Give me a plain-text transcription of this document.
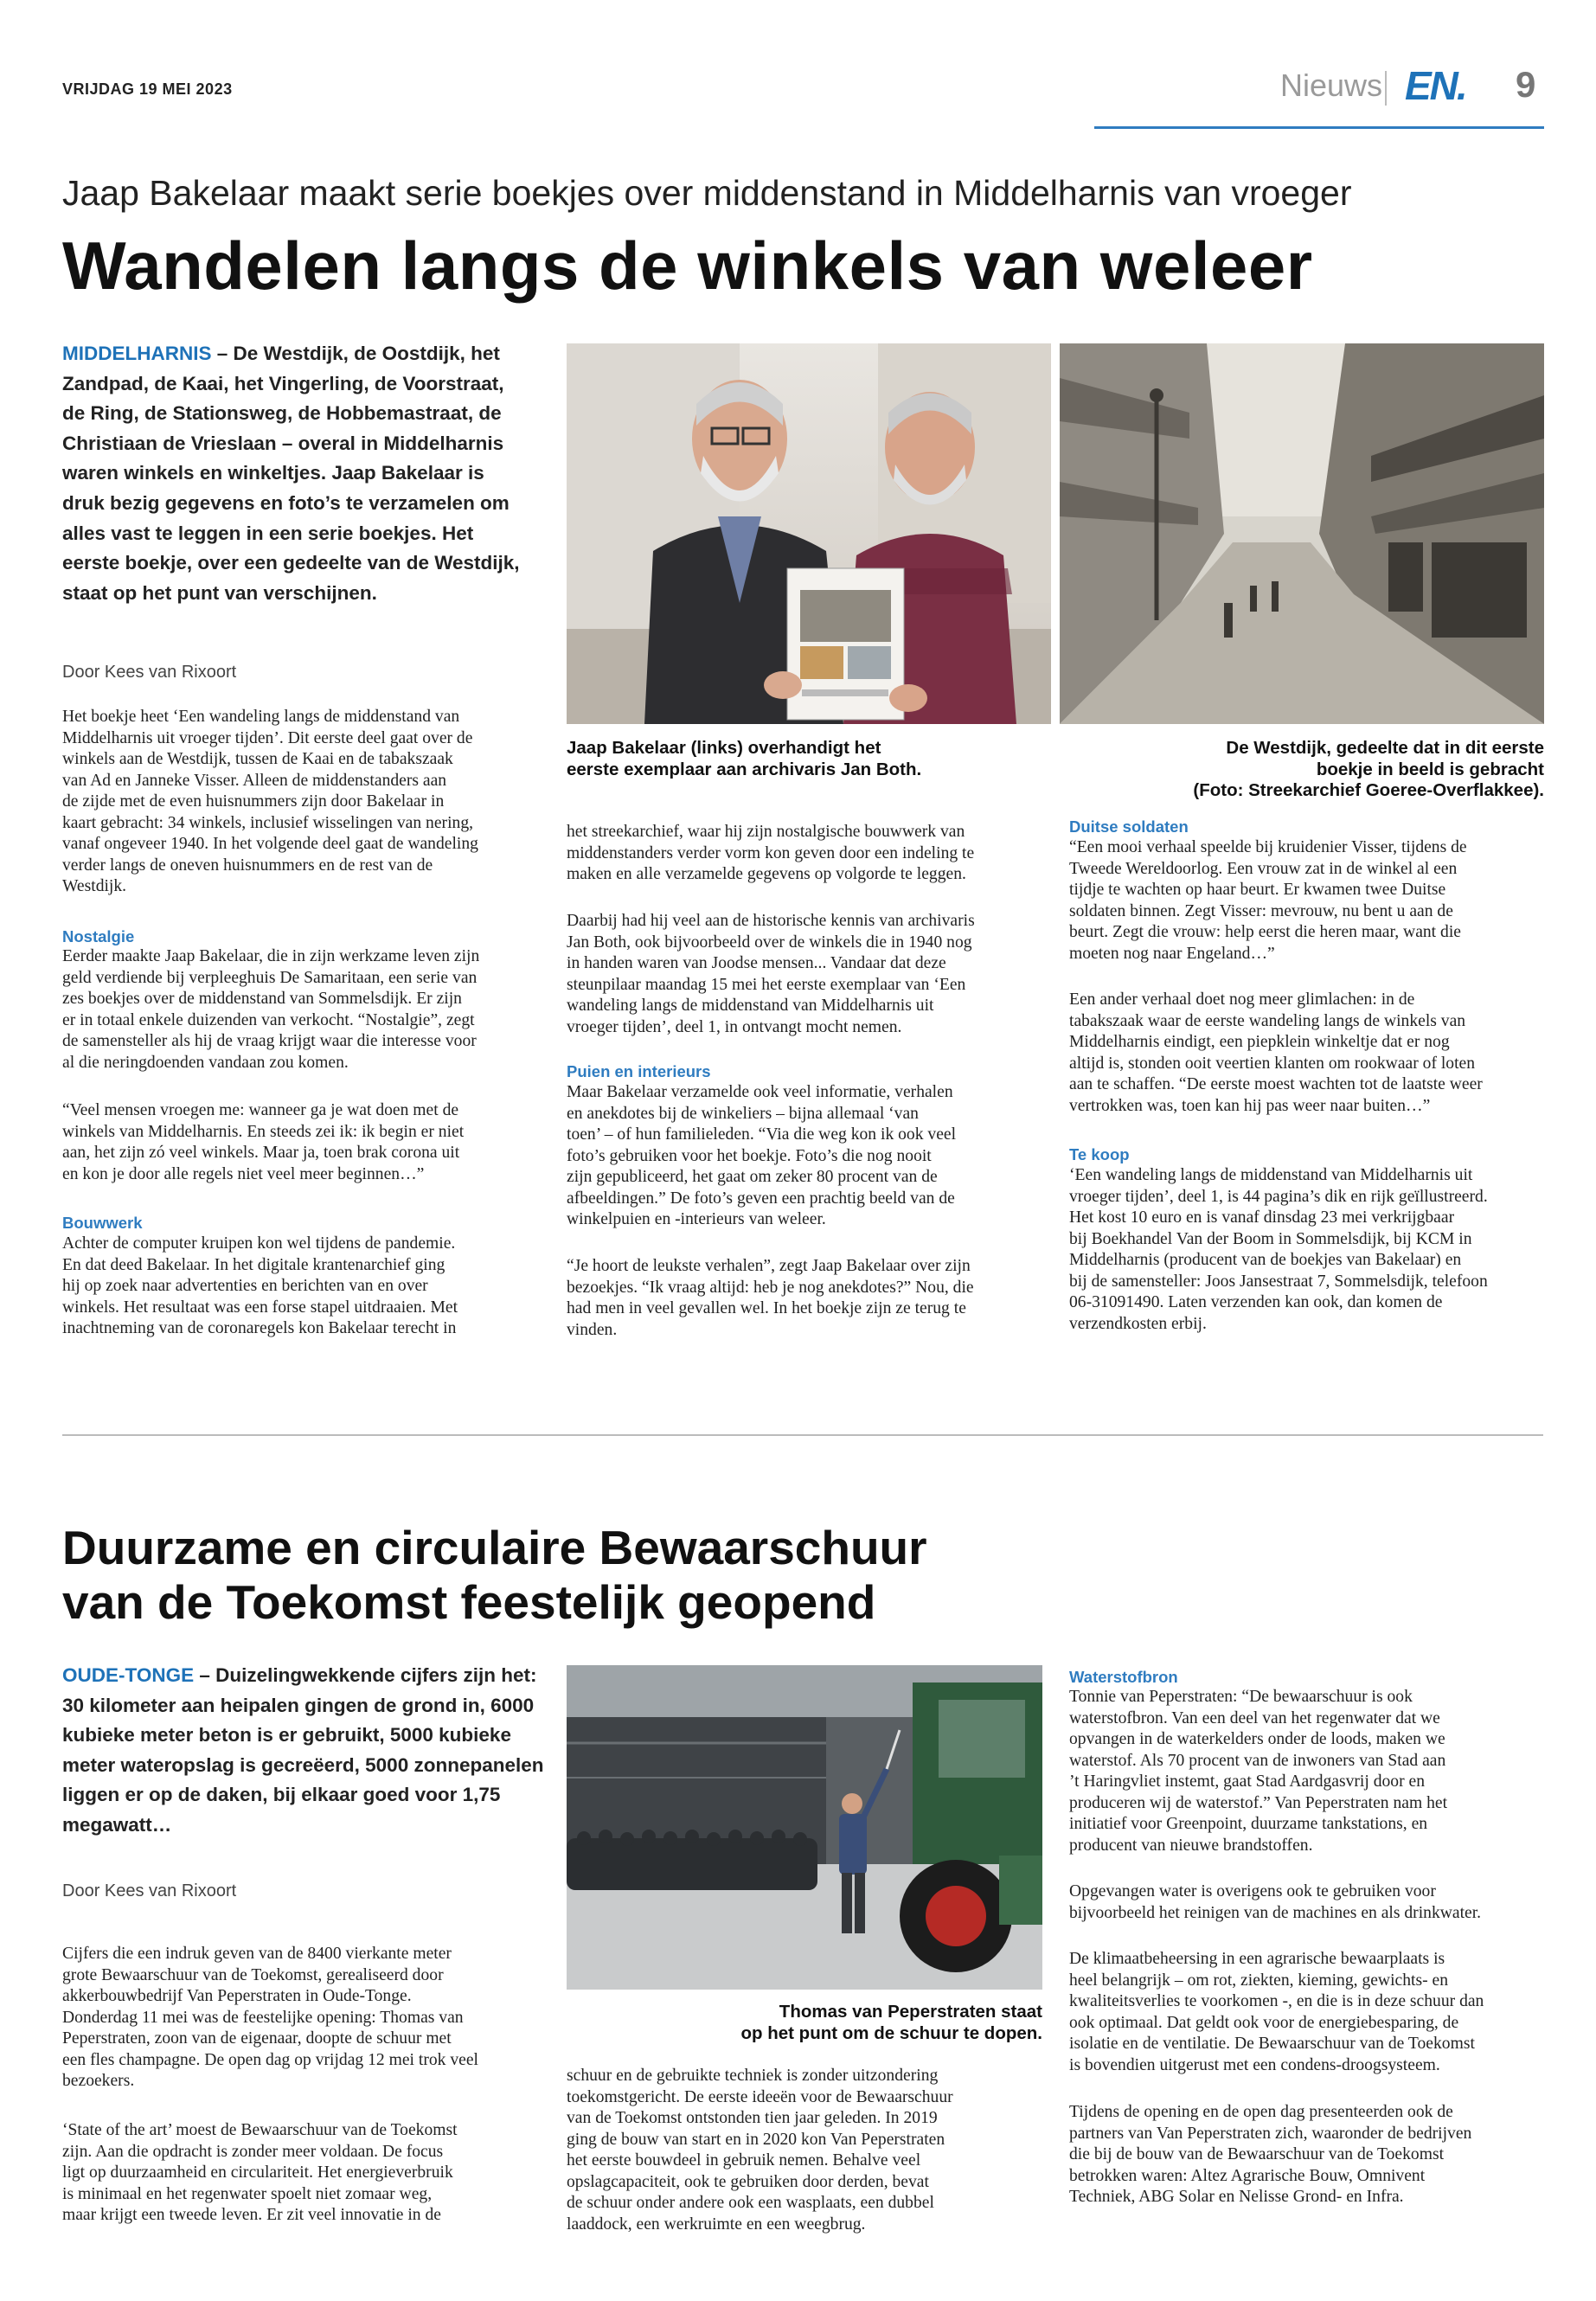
VRIJDAG 19 MEI 2023	Nieuws EN. 9
Jaap Bakelaar maakt serie boekjes over middenstand in Middelharnis van vroeger
Wandelen langs de winkels van weleer
MIDDELHARNIS – De Westdijk, de Oostdijk, het Zandpad, de Kaai, het Vingerling, de Voorstraat, de Ring, de Stationsweg, de Hobbemastraat, de Christiaan de Vrieslaan – overal in Middelharnis waren winkels en winkeltjes. Jaap Bakelaar is druk bezig gegevens en foto’s te verzamelen om alles vast te leggen in een serie boekjes. Het eerste boekje, over een gedeelte van de Westdijk, staat op het punt van verschijnen.
Door Kees van Rixoort
Het boekje heet ‘Een wandeling langs de middenstand van
Middelharnis uit vroeger tijden’. Dit eerste deel gaat over de
winkels aan de Westdijk, tussen de Kaai en de tabakszaak
van Ad en Janneke Visser. Alleen de middenstanders aan
de zijde met de even huisnummers zijn door Bakelaar in
kaart gebracht: 34 winkels, inclusief wisselingen van nering,
vanaf ongeveer 1940. In het volgende deel gaat de wandeling
verder langs de oneven huisnummers en de rest van de
Westdijk.
Nostalgie
Eerder maakte Jaap Bakelaar, die in zijn werkzame leven zijn
geld verdiende bij verpleeghuis De Samaritaan, een serie van
zes boekjes over de middenstand van Sommelsdijk. Er zijn
er in totaal enkele duizenden van verkocht. “Nostalgie”, zegt
de samensteller als hij de vraag krijgt waar die interesse voor
al die neringdoenden vandaan zou komen.
“Veel mensen vroegen me: wanneer ga je wat doen met de
winkels van Middelharnis. En steeds zei ik: ik begin er niet
aan, het zijn zó veel winkels. Maar ja, toen brak corona uit
en kon je door alle regels niet veel meer beginnen…”
Bouwwerk
Achter de computer kruipen kon wel tijdens de pandemie.
En dat deed Bakelaar. In het digitale krantenarchief ging
hij op zoek naar advertenties en berichten van en over
winkels. Het resultaat was een forse stapel uitdraaien. Met
inachtneming van de coronaregels kon Bakelaar terecht in
Jaap Bakelaar (links) overhandigt het
eerste exemplaar aan archivaris Jan Both.
De Westdijk, gedeelte dat in dit eerste
boekje in beeld is gebracht
(Foto: Streekarchief Goeree-Overflakkee).
het streekarchief, waar hij zijn nostalgische bouwwerk van
middenstanders verder vorm kon geven door een indeling te
maken en alle verzamelde gegevens op volgorde te leggen.
Daarbij had hij veel aan de historische kennis van archivaris
Jan Both, ook bijvoorbeeld over de winkels die in 1940 nog
in handen waren van Joodse mensen... Vandaar dat deze
steunpilaar maandag 15 mei het eerste exemplaar van ‘Een
wandeling langs de middenstand van Middelharnis uit
vroeger tijden’, deel 1, in ontvangt mocht nemen.
Puien en interieurs
Maar Bakelaar verzamelde ook veel informatie, verhalen
en anekdotes bij de winkeliers – bijna allemaal ‘van
toen’ – of hun familieleden. “Via die weg kon ik ook veel
foto’s gebruiken voor het boekje. Foto’s die nog nooit
zijn gepubliceerd, het gaat om zeker 80 procent van de
afbeeldingen.” De foto’s geven een prachtig beeld van de
winkelpuien en -interieurs van weleer.
“Je hoort de leukste verhalen”, zegt Jaap Bakelaar over zijn
bezoekjes. “Ik vraag altijd: heb je nog anekdotes?” Nou, die
had men in veel gevallen wel. In het boekje zijn ze terug te
vinden.
Duitse soldaten
“Een mooi verhaal speelde bij kruidenier Visser, tijdens de
Tweede Wereldoorlog. Een vrouw zat in de winkel al een
tijdje te wachten op haar beurt. Er kwamen twee Duitse
soldaten binnen. Zegt Visser: mevrouw, nu bent u aan de
beurt. Zegt die vrouw: help eerst die heren maar, want die
moeten nog naar Engeland…”
Een ander verhaal doet nog meer glimlachen: in de
tabakszaak waar de eerste wandeling langs de winkels van
Middelharnis eindigt, een piepklein winkeltje dat er nog
altijd is, stonden ooit veertien klanten om rookwaar of loten
aan te schaffen. “De eerste moest wachten tot de laatste weer
vertrokken was, toen kan hij pas weer naar buiten…”
Te koop
‘Een wandeling langs de middenstand van Middelharnis uit
vroeger tijden’, deel 1, is 44 pagina’s dik en rijk geïllustreerd.
Het kost 10 euro en is vanaf dinsdag 23 mei verkrijgbaar
bij Boekhandel Van der Boom in Sommelsdijk, bij KCM in
Middelharnis (producent van de boekjes van Bakelaar) en
bij de samensteller: Joos Jansestraat 7, Sommelsdijk, telefoon
06-31091490. Laten verzenden kan ook, dan komen de
verzendkosten erbij.
Duurzame en circulaire Bewaarschuur
van de Toekomst feestelijk geopend
OUDE-TONGE – Duizelingwekkende cijfers zijn het: 30 kilometer aan heipalen gingen de grond in, 6000 kubieke meter beton is er gebruikt, 5000 kubieke meter wateropslag is gecreëerd, 5000 zonnepanelen liggen er op de daken, bij elkaar goed voor 1,75 megawatt…
Door Kees van Rixoort
Cijfers die een indruk geven van de 8400 vierkante meter
grote Bewaarschuur van de Toekomst, gerealiseerd door
akkerbouwbedrijf Van Peperstraten in Oude-Tonge.
Donderdag 11 mei was de feestelijke opening: Thomas van
Peperstraten, zoon van de eigenaar, doopte de schuur met
een fles champagne. De open dag op vrijdag 12 mei trok veel
bezoekers.
‘State of the art’ moest de Bewaarschuur van de Toekomst
zijn. Aan die opdracht is zonder meer voldaan. De focus
ligt op duurzaamheid en circulariteit. Het energieverbruik
is minimaal en het regenwater spoelt niet zomaar weg,
maar krijgt een tweede leven. Er zit veel innovatie in de
Thomas van Peperstraten staat
op het punt om de schuur te dopen.
schuur en de gebruikte techniek is zonder uitzondering
toekomstgericht. De eerste ideeën voor de Bewaarschuur
van de Toekomst ontstonden tien jaar geleden. In 2019
ging de bouw van start en in 2020 kon Van Peperstraten
het eerste bouwdeel in gebruik nemen. Behalve veel
opslagcapaciteit, ook te gebruiken door derden, bevat
de schuur onder andere ook een wasplaats, een dubbel
laaddock, een werkruimte en een weegbrug.
Waterstofbron
Tonnie van Peperstraten: “De bewaarschuur is ook
waterstofbron. Van een deel van het regenwater dat we
opvangen in de waterkelders onder de loods, maken we
waterstof. Als 70 procent van de inwoners van Stad aan
’t Haringvliet instemt, gaat Stad Aardgasvrij door en
produceren wij de waterstof.” Van Peperstraten nam het
initiatief voor Greenpoint, duurzame tankstations, en
producent van nieuwe brandstoffen.
Opgevangen water is overigens ook te gebruiken voor
bijvoorbeeld het reinigen van de machines en als drinkwater.
De klimaatbeheersing in een agrarische bewaarplaats is
heel belangrijk – om rot, ziekten, kieming, gewichts- en
kwaliteitsverlies te voorkomen -, en die is in deze schuur dan
ook optimaal. Dat geldt ook voor de energiebesparing, de
isolatie en de ventilatie. De Bewaarschuur van de Toekomst
is bovendien uitgerust met een condens-droogsysteem.
Tijdens de opening en de open dag presenteerden ook de
partners van Van Peperstraten zich, waaronder de bedrijven
die bij de bouw van de Bewaarschuur van de Toekomst
betrokken waren: Altez Agrarische Bouw, Omnivent
Techniek, ABG Solar en Nelisse Grond- en Infra.
